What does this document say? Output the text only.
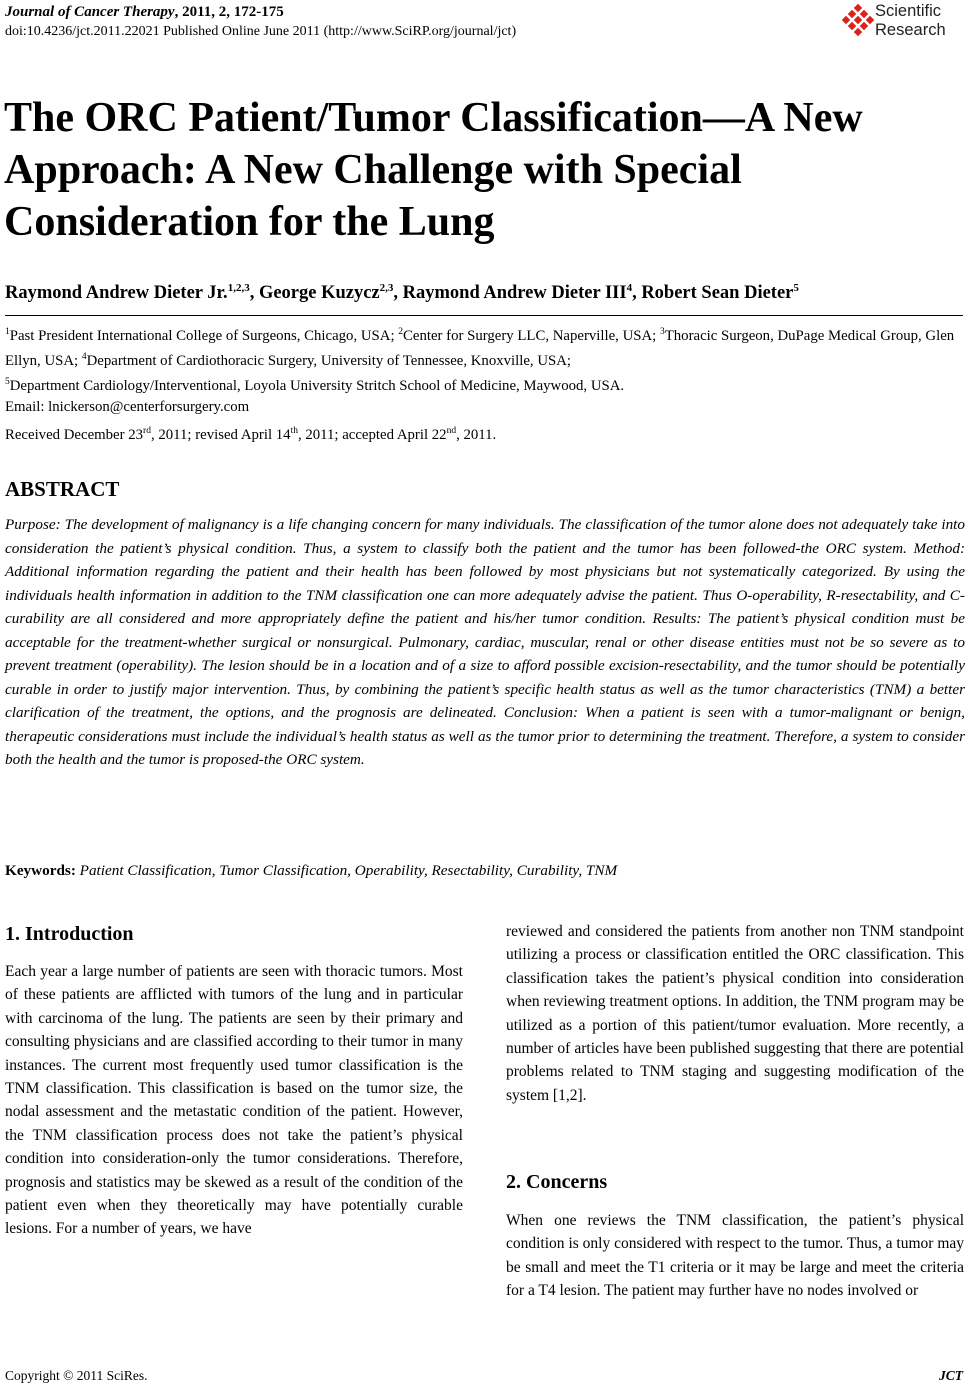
Journal of Cancer Therapy, 2011, 2, 172-175
doi:10.4236/jct.2011.22021 Published Online June 2011 (http://www.SciRP.org/journal/jct)
Scientific
Research
The ORC Patient/Tumor Classification—A New Approach: A New Challenge with Special Consideration for the Lung
Raymond Andrew Dieter Jr.$^{1,2,3}$, George Kuzycz$^{2,3}$, Raymond Andrew Dieter III$^4$, Robert Sean Dieter$^5$
$^1$Past President International College of Surgeons, Chicago, USA; $^2$Center for Surgery LLC, Naperville, USA; $^3$Thoracic Surgeon, DuPage Medical Group, Glen Ellyn, USA; $^4$Department of Cardiothoracic Surgery, University of Tennessee, Knoxville, USA;
$^5$Department Cardiology/Interventional, Loyola University Stritch School of Medicine, Maywood, USA.
Email: lnickerson@centerforsurgery.com
Received December 23rd, 2011; revised April 14th, 2011; accepted April 22nd, 2011.
ABSTRACT
Purpose: The development of malignancy is a life changing concern for many individuals. The classification of the tumor alone does not adequately take into consideration the patient’s physical condition. Thus, a system to classify both the patient and the tumor has been followed-the ORC system. Method: Additional information regarding the patient and their health has been followed by most physicians but not systematically categorized. By using the individuals health information in addition to the TNM classification one can more adequately advise the patient. Thus O-operability, R-resectability, and C-curability are all considered and more appropriately define the patient and his/her tumor condition. Results: The patient’s physical condition must be acceptable for the treatment-whether surgical or nonsurgical. Pulmonary, cardiac, muscular, renal or other disease entities must not be so severe as to prevent treatment (operability). The lesion should be in a location and of a size to afford possible excision-resectability, and the tumor should be potentially curable in order to justify major intervention. Thus, by combining the patient’s specific health status as well as the tumor characteristics (TNM) a better clarification of the treatment, the options, and the prognosis are delineated. Conclusion: When a patient is seen with a tumor-malignant or benign, therapeutic considerations must include the individual’s health status as well as the tumor prior to determining the treatment. Therefore, a system to consider both the health and the tumor is proposed-the ORC system.
Keywords: Patient Classification, Tumor Classification, Operability, Resectability, Curability, TNM
1. Introduction

Each year a large number of patients are seen with thoracic tumors. Most of these patients are afflicted with tumors of the lung and in particular with carcinoma of the lung. The patients are seen by their primary and consulting physicians and are classified according to their tumor in many instances. The current most frequently used tumor classification is the TNM classification. This classification is based on the tumor size, the nodal assessment and the metastatic condition of the patient. However, the TNM classification process does not take the patient’s physical condition into consideration-only the tumor considerations. Therefore, prognosis and statistics may be skewed as a result of the condition of the patient even when they theoretically may have potentially curable lesions. For a number of years, we have

reviewed and considered the patients from another non TNM standpoint utilizing a process or classification entitled the ORC classification. This classification takes the patient’s physical condition into consideration when reviewing treatment options. In addition, the TNM program may be utilized as a portion of this patient/tumor evaluation. More recently, a number of articles have been published suggesting that there are potential problems related to TNM staging and suggesting modification of the system [1,2].

2. Concerns

When one reviews the TNM classification, the patient’s physical condition is only considered with respect to the tumor. Thus, a tumor may be small and meet the T1 criteria or it may be large and meet the criteria for a T4 lesion. The patient may further have no nodes involved or

Copyright © 2011 SciRes.	JCT
